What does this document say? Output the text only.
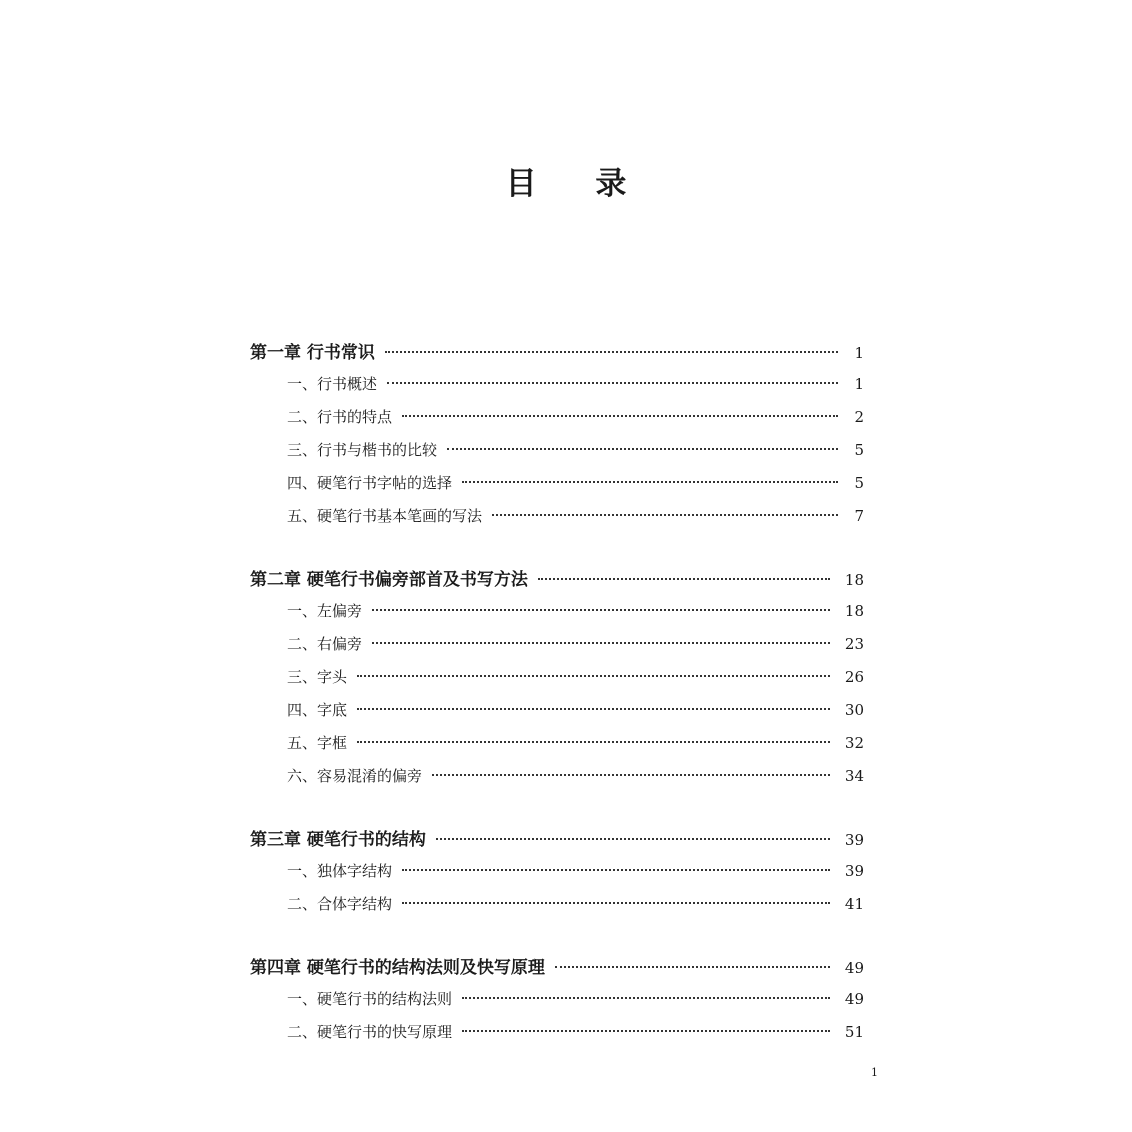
目 录
第一章 行书常识	1
一、行书概述	1
二、行书的特点	2
三、行书与楷书的比较	5
四、硬笔行书字帖的选择	5
五、硬笔行书基本笔画的写法	7
第二章 硬笔行书偏旁部首及书写方法	18
一、左偏旁	18
二、右偏旁	23
三、字头	26
四、字底	30
五、字框	32
六、容易混淆的偏旁	34
第三章 硬笔行书的结构	39
一、独体字结构	39
二、合体字结构	41
第四章 硬笔行书的结构法则及快写原理	49
一、硬笔行书的结构法则	49
二、硬笔行书的快写原理	51
1
